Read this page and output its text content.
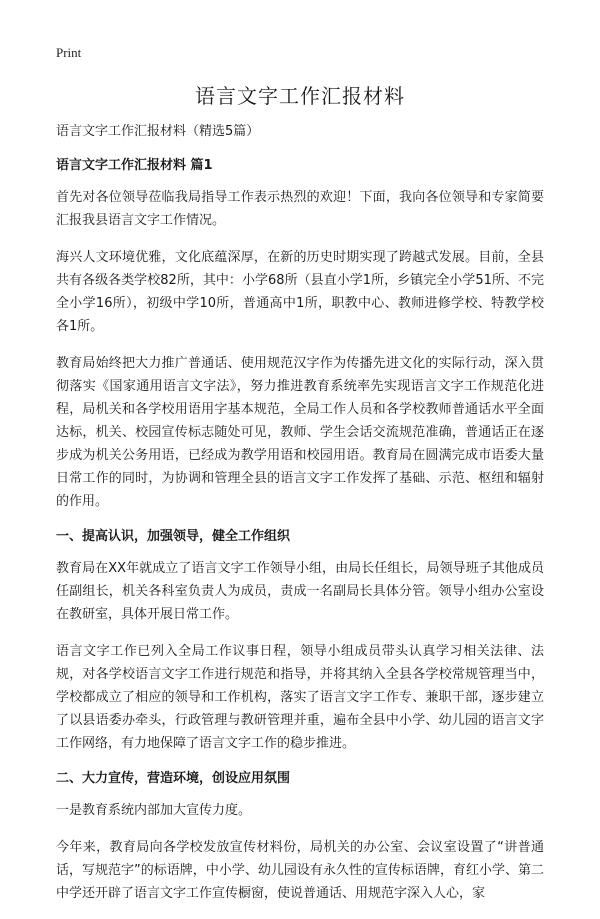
Print
语言文字工作汇报材料

语言文字工作汇报材料（精选5篇）

语言文字工作汇报材料 篇1

首先对各位领导莅临我局指导工作表示热烈的欢迎！下面，我向各位领导和专家简要汇报我县语言文字工作情况。

海兴人文环境优雅，文化底蕴深厚，在新的历史时期实现了跨越式发展。目前，全县共有各级各类学校82所，其中：小学68所（县直小学1所，乡镇完全小学51所、不完全小学16所），初级中学10所，普通高中1所，职教中心、教师进修学校、特教学校各1所。

教育局始终把大力推广普通话、使用规范汉字作为传播先进文化的实际行动，深入贯彻落实《国家通用语言文字法》，努力推进教育系统率先实现语言文字工作规范化进程，局机关和各学校用语用字基本规范，全局工作人员和各学校教师普通话水平全面达标，机关、校园宣传标志随处可见，教师、学生会话交流规范准确，普通话正在逐步成为机关公务用语，已经成为教学用语和校园用语。教育局在圆满完成市语委大量日常工作的同时，为协调和管理全县的语言文字工作发挥了基础、示范、枢纽和辐射的作用。

一、提高认识，加强领导，健全工作组织

教育局在XX年就成立了语言文字工作领导小组，由局长任组长，局领导班子其他成员任副组长，机关各科室负责人为成员，责成一名副局长具体分管。领导小组办公室设在教研室，具体开展日常工作。

语言文字工作已列入全局工作议事日程，领导小组成员带头认真学习相关法律、法规，对各学校语言文字工作进行规范和指导，并将其纳入全县各学校常规管理当中，学校都成立了相应的领导和工作机构，落实了语言文字工作专、兼职干部，逐步建立了以县语委办牵头，行政管理与教研管理并重，遍布全县中小学、幼儿园的语言文字工作网络，有力地保障了语言文字工作的稳步推进。

二、大力宣传，营造环境，创设应用氛围

一是教育系统内部加大宣传力度。

今年来，教育局向各学校发放宣传材料份，局机关的办公室、会议室设置了“讲普通话，写规范字”的标语牌，中小学、幼儿园设有永久性的宣传标语牌，育红小学、第二中学还开辟了语言文字工作宣传橱窗，使说普通话、用规范字深入人心，家
